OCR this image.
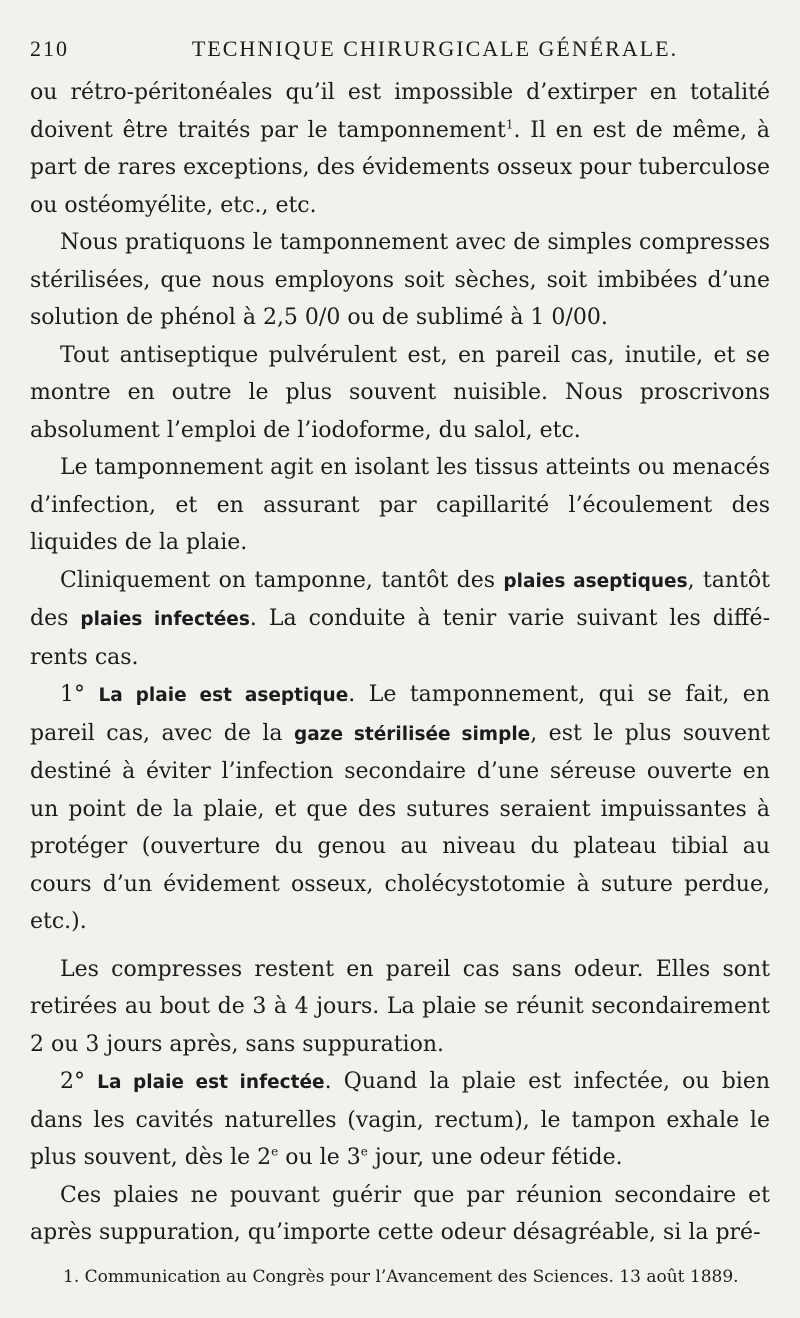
210	TECHNIQUE CHIRURGICALE GÉNÉRALE.

ou rétro-péritonéales qu’il est impossible d’extirper en totalité doivent être traités par le tamponnement$^1$. Il en est de même, à part de rares exceptions, des évidements osseux pour tuberculose ou ostéomyélite, etc., etc.

Nous pratiquons le tamponnement avec de simples compresses stérilisées, que nous employons soit sèches, soit imbibées d’une solution de phénol à 2,5 0/0 ou de sublimé à 1 0/00.

Tout antiseptique pulvérulent est, en pareil cas, inutile, et se montre en outre le plus souvent nuisible. Nous proscrivons absolument l’emploi de l’iodoforme, du salol, etc.

Le tamponnement agit en isolant les tissus atteints ou menacés d’infection, et en assurant par capillarité l’écoulement des liquides de la plaie.

Cliniquement on tamponne, tantôt des plaies aseptiques, tantôt des plaies infectées. La conduite à tenir varie suivant les différents cas.

1° La plaie est aseptique. Le tamponnement, qui se fait, en pareil cas, avec de la gaze stérilisée simple, est le plus souvent destiné à éviter l’infection secondaire d’une séreuse ouverte en un point de la plaie, et que des sutures seraient impuissantes à protéger (ouverture du genou au niveau du plateau tibial au cours d’un évidement osseux, cholécystotomie à suture perdue, etc.).

Les compresses restent en pareil cas sans odeur. Elles sont retirées au bout de 3 à 4 jours. La plaie se réunit secondairement 2 ou 3 jours après, sans suppuration.

2° La plaie est infectée. Quand la plaie est infectée, ou bien dans les cavités naturelles (vagin, rectum), le tampon exhale le plus souvent, dès le 2e ou le 3e jour, une odeur fétide.

Ces plaies ne pouvant guérir que par réunion secondaire et après suppuration, qu’importe cette odeur désagréable, si la pré-

1. Communication au Congrès pour l’Avancement des Sciences. 13 août 1889.
